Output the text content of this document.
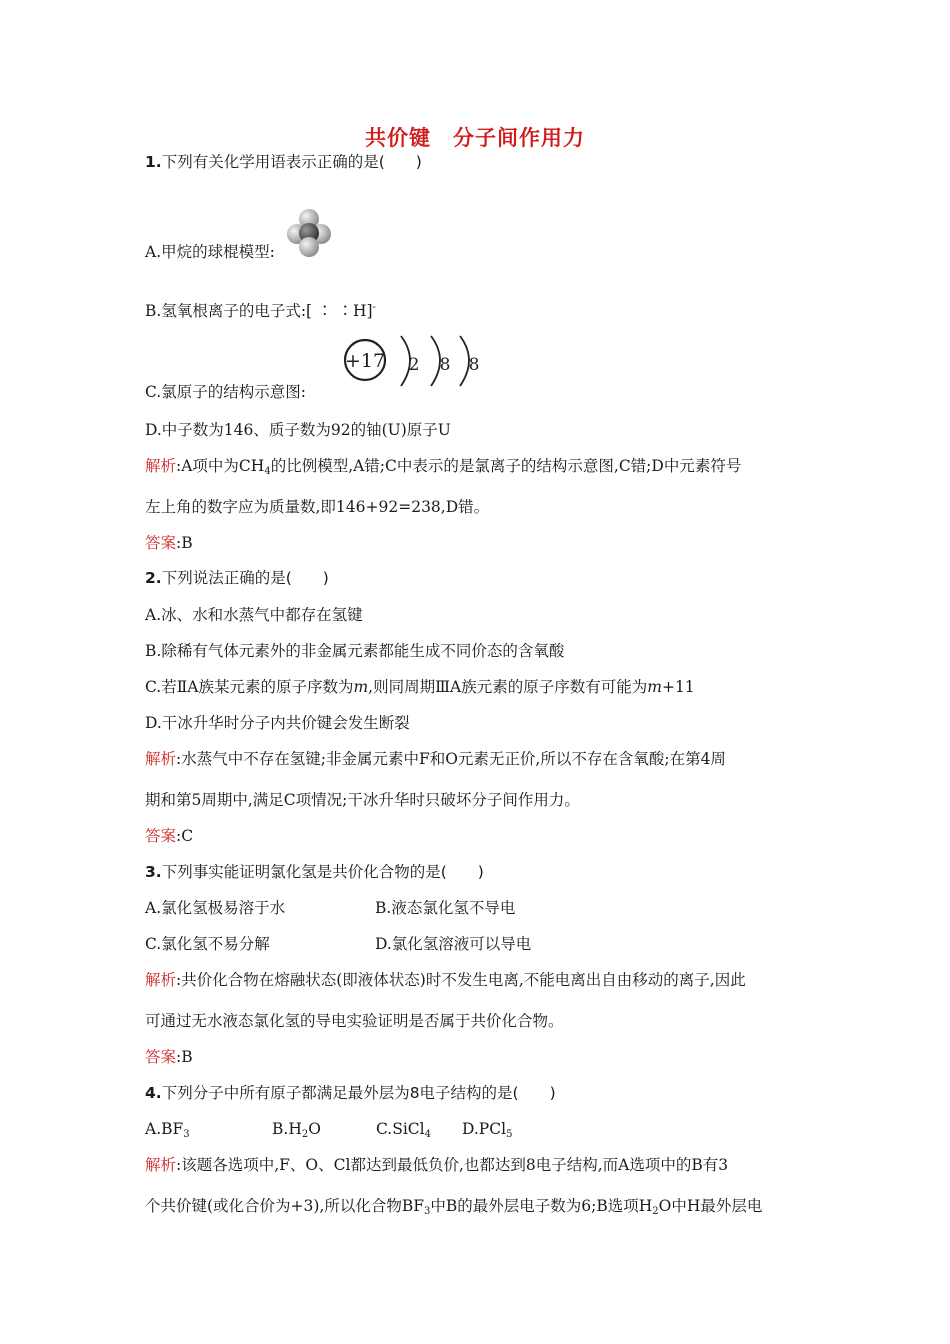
共价键　分子间作用力
1.下列有关化学用语表示正确的是(　　)
A.甲烷的球棍模型:
B.氢氧根离子的电子式:[ ∶ ∶H]-
+17 2 8 8
C.氯原子的结构示意图:
D.中子数为146、质子数为92的铀(U)原子U
解析:A项中为$CH_4$的比例模型,A错;C中表示的是氯离子的结构示意图,C错;D中元素符号
左上角的数字应为质量数,即146+92=238,D错。
答案:B
2.下列说法正确的是(　　)
A.冰、水和水蒸气中都存在氢键
B.除稀有气体元素外的非金属元素都能生成不同价态的含氧酸
C.若ⅡA族某元素的原子序数为m,则同周期ⅢA族元素的原子序数有可能为m+11
D.干冰升华时分子内共价键会发生断裂
解析:水蒸气中不存在氢键;非金属元素中F和O元素无正价,所以不存在含氧酸;在第4周
期和第5周期中,满足C项情况;干冰升华时只破坏分子间作用力。
答案:C
3.下列事实能证明氯化氢是共价化合物的是(　　)
A.氯化氢极易溶于水	B.液态氯化氢不导电
C.氯化氢不易分解	D.氯化氢溶液可以导电
解析:共价化合物在熔融状态(即液体状态)时不发生电离,不能电离出自由移动的离子,因此
可通过无水液态氯化氢的导电实验证明是否属于共价化合物。
答案:B
4.下列分子中所有原子都满足最外层为8电子结构的是(　　)
$A.BF_3$	$B.H_2O$	C.SiCl$_4$ D.PCl$_5$
解析:该题各选项中,F、O、Cl都达到最低负价,也都达到8电子结构,而A选项中的B有3
个共价键(或化合价为+3),所以化合物$BF_3$中B的最外层电子数为6;B选项$H_2O$中H最外层电
